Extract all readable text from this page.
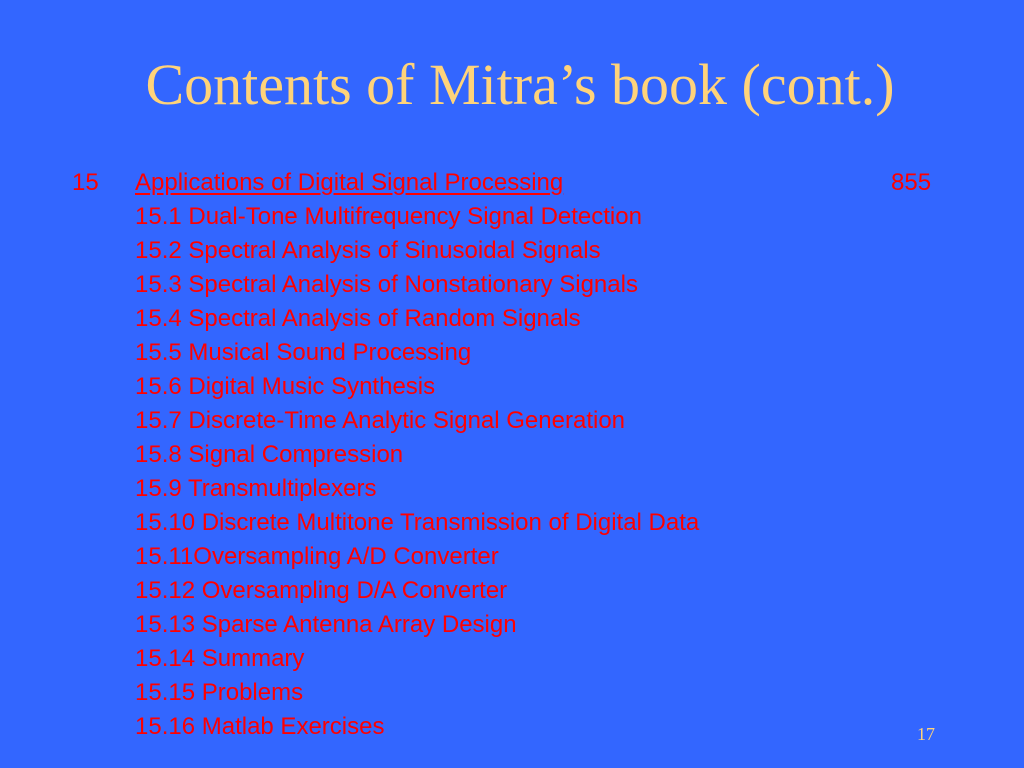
Contents of Mitra’s book (cont.)
15 Applications of Digital Signal Processing	855
15.1 Dual-Tone Multifrequency Signal Detection
15.2 Spectral Analysis of Sinusoidal Signals
15.3 Spectral Analysis of Nonstationary Signals
15.4 Spectral Analysis of Random Signals
15.5 Musical Sound Processing
15.6 Digital Music Synthesis
15.7 Discrete-Time Analytic Signal Generation
15.8 Signal Compression
15.9 Transmultiplexers
15.10 Discrete Multitone Transmission of Digital Data
15.11Oversampling A/D Converter
15.12 Oversampling D/A Converter
15.13 Sparse Antenna Array Design
15.14 Summary
15.15 Problems
15.16 Matlab Exercises	17
